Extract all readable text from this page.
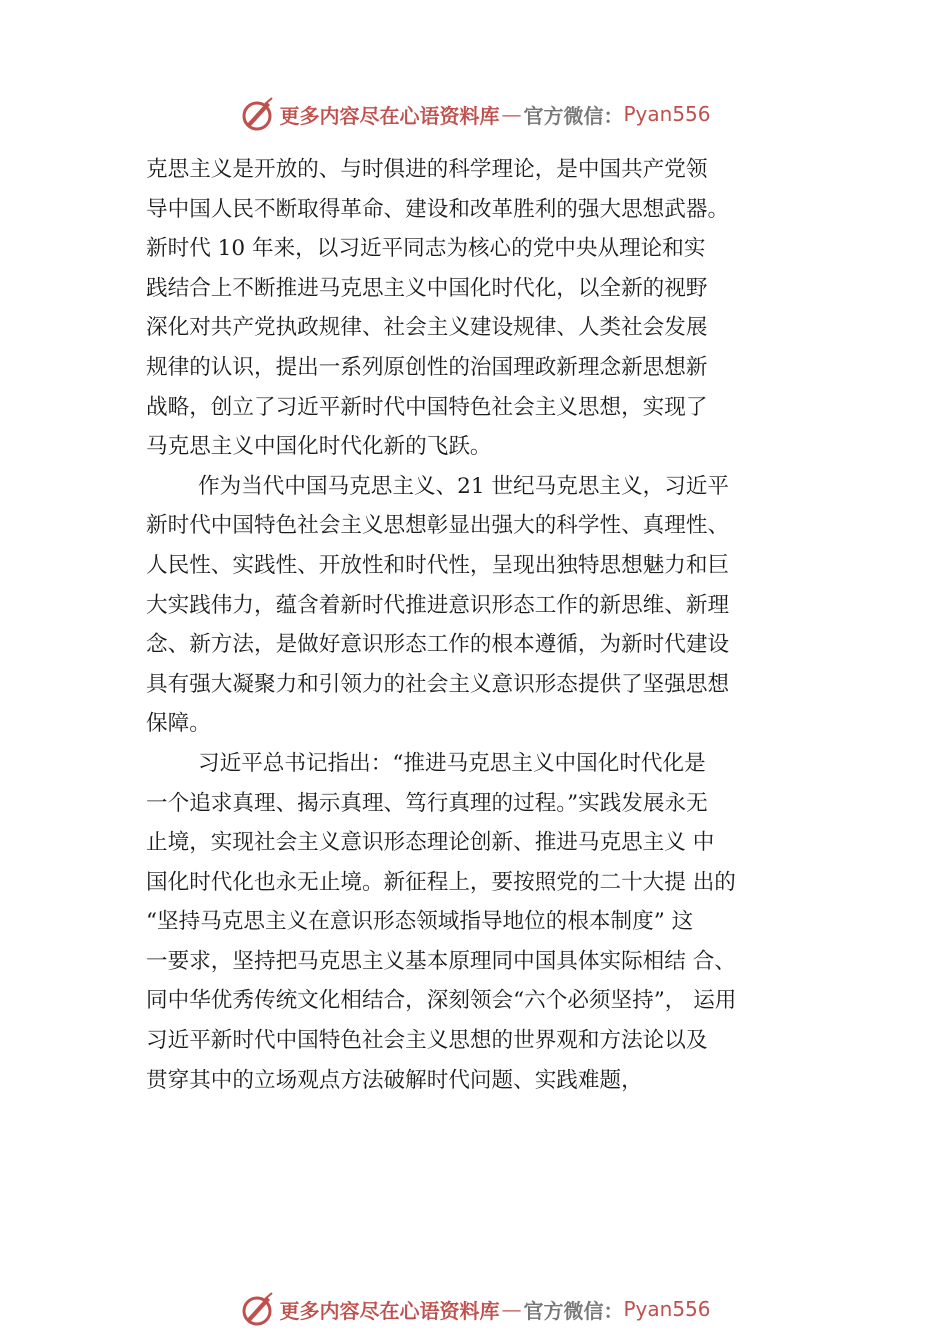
更多内容尽在心语资料库 — 官方微信： Pyan556
克思主义是开放的、与时俱进的科学理论，是中国共产党领
导中国人民不断取得革命、建设和改革胜利的强大思想武器。
新时代 10 年来，以习近平同志为核心的党中央从理论和实
践结合上不断推进马克思主义中国化时代化，以全新的视野
深化对共产党执政规律、社会主义建设规律、人类社会发展
规律的认识，提出一系列原创性的治国理政新理念新思想新
战略，创立了习近平新时代中国特色社会主义思想，实现了
马克思主义中国化时代化新的飞跃。
作为当代中国马克思主义、21 世纪马克思主义，习近平
新时代中国特色社会主义思想彰显出强大的科学性、真理性、
人民性、实践性、开放性和时代性，呈现出独特思想魅力和巨
大实践伟力，蕴含着新时代推进意识形态工作的新思维、新理
念、新方法，是做好意识形态工作的根本遵循，为新时代建设
具有强大凝聚力和引领力的社会主义意识形态提供了坚强思想
保障。
习近平总书记指出：“推进马克思主义中国化时代化是
一个追求真理、揭示真理、笃行真理的过程。”实践发展永无
止境，实现社会主义意识形态理论创新、推进马克思主义 中
国化时代化也永无止境。新征程上，要按照党的二十大提 出的
“坚持马克思主义在意识形态领域指导地位的根本制度” 这
一要求，坚持把马克思主义基本原理同中国具体实际相结 合、
同中华优秀传统文化相结合，深刻领会“六个必须坚持”， 运用
习近平新时代中国特色社会主义思想的世界观和方法论以及
贯穿其中的立场观点方法破解时代问题、实践难题，
更多内容尽在心语资料库 — 官方微信： Pyan556
